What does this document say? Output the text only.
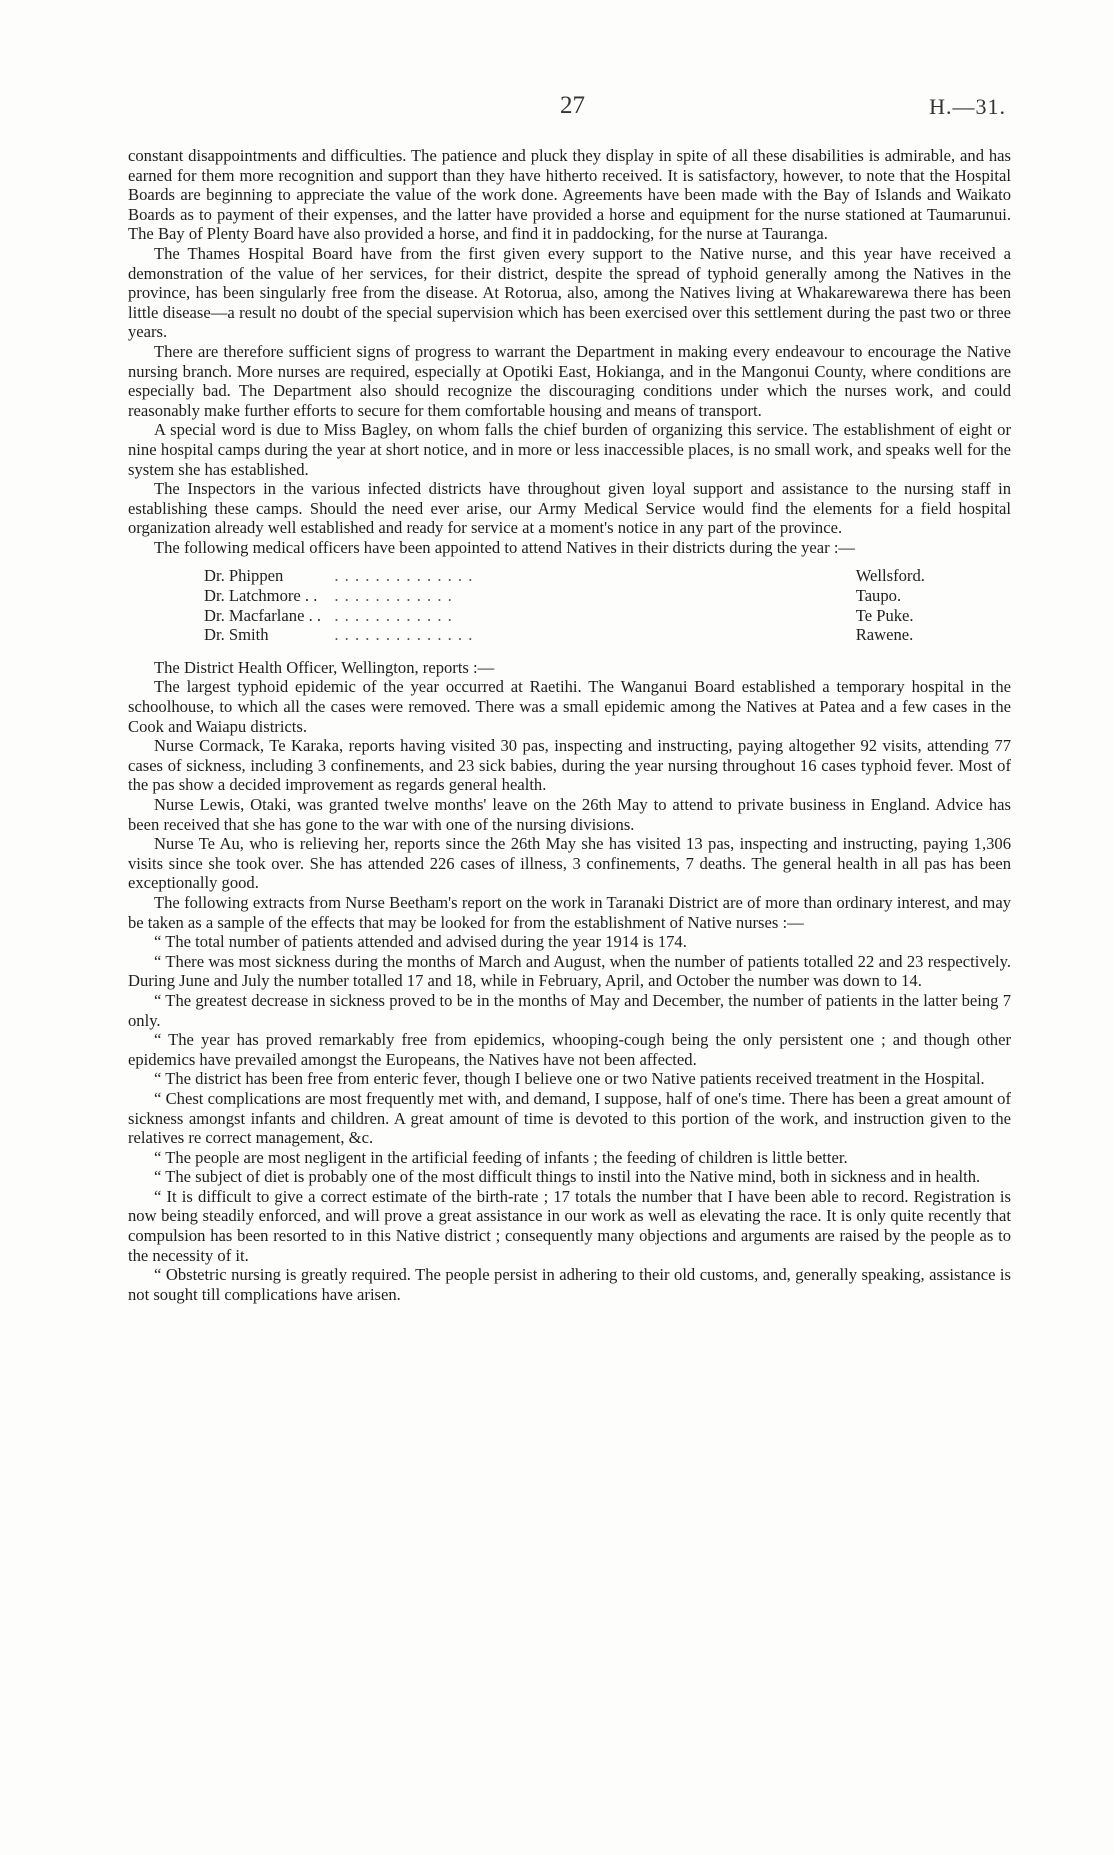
27	H.—31.

constant disappointments and difficulties. The patience and pluck they display in spite of all these disabilities is admirable, and has earned for them more recognition and support than they have hitherto received. It is satisfactory, however, to note that the Hospital Boards are beginning to appreciate the value of the work done. Agreements have been made with the Bay of Islands and Waikato Boards as to payment of their expenses, and the latter have provided a horse and equipment for the nurse stationed at Taumarunui. The Bay of Plenty Board have also provided a horse, and find it in paddocking, for the nurse at Tauranga.

The Thames Hospital Board have from the first given every support to the Native nurse, and this year have received a demonstration of the value of her services, for their district, despite the spread of typhoid generally among the Natives in the province, has been singularly free from the disease. At Rotorua, also, among the Natives living at Whakarewarewa there has been little disease—a result no doubt of the special supervision which has been exercised over this settlement during the past two or three years.

There are therefore sufficient signs of progress to warrant the Department in making every endeavour to encourage the Native nursing branch. More nurses are required, especially at Opotiki East, Hokianga, and in the Mangonui County, where conditions are especially bad. The Department also should recognize the discouraging conditions under which the nurses work, and could reasonably make further efforts to secure for them comfortable housing and means of transport.

A special word is due to Miss Bagley, on whom falls the chief burden of organizing this service. The establishment of eight or nine hospital camps during the year at short notice, and in more or less inaccessible places, is no small work, and speaks well for the system she has established.

The Inspectors in the various infected districts have throughout given loyal support and assistance to the nursing staff in establishing these camps. Should the need ever arise, our Army Medical Service would find the elements for a field hospital organization already well established and ready for service at a moment's notice in any part of the province.

The following medical officers have been appointed to attend Natives in their districts during the year :—

Dr. Phippen	. . . . . . . . . . . . . .	Wellsford.
Dr. Latchmore . .	. . . . . . . . . . . .	Taupo.
Dr. Macfarlane . .	. . . . . . . . . . . .	Te Puke.
Dr. Smith	. . . . . . . . . . . . . .	Rawene.

The District Health Officer, Wellington, reports :—

The largest typhoid epidemic of the year occurred at Raetihi. The Wanganui Board established a temporary hospital in the schoolhouse, to which all the cases were removed. There was a small epidemic among the Natives at Patea and a few cases in the Cook and Waiapu districts.

Nurse Cormack, Te Karaka, reports having visited 30 pas, inspecting and instructing, paying altogether 92 visits, attending 77 cases of sickness, including 3 confinements, and 23 sick babies, during the year nursing throughout 16 cases typhoid fever. Most of the pas show a decided improvement as regards general health.

Nurse Lewis, Otaki, was granted twelve months' leave on the 26th May to attend to private business in England. Advice has been received that she has gone to the war with one of the nursing divisions.

Nurse Te Au, who is relieving her, reports since the 26th May she has visited 13 pas, inspecting and instructing, paying 1,306 visits since she took over. She has attended 226 cases of illness, 3 confinements, 7 deaths. The general health in all pas has been exceptionally good.

The following extracts from Nurse Beetham's report on the work in Taranaki District are of more than ordinary interest, and may be taken as a sample of the effects that may be looked for from the establishment of Native nurses :—

“ The total number of patients attended and advised during the year 1914 is 174.

“ There was most sickness during the months of March and August, when the number of patients totalled 22 and 23 respectively. During June and July the number totalled 17 and 18, while in February, April, and October the number was down to 14.

“ The greatest decrease in sickness proved to be in the months of May and December, the number of patients in the latter being 7 only.

“ The year has proved remarkably free from epidemics, whooping-cough being the only persistent one ; and though other epidemics have prevailed amongst the Europeans, the Natives have not been affected.

“ The district has been free from enteric fever, though I believe one or two Native patients received treatment in the Hospital.

“ Chest complications are most frequently met with, and demand, I suppose, half of one's time. There has been a great amount of sickness amongst infants and children. A great amount of time is devoted to this portion of the work, and instruction given to the relatives re correct management, &c.

“ The people are most negligent in the artificial feeding of infants ; the feeding of children is little better.

“ The subject of diet is probably one of the most difficult things to instil into the Native mind, both in sickness and in health.

“ It is difficult to give a correct estimate of the birth-rate ; 17 totals the number that I have been able to record. Registration is now being steadily enforced, and will prove a great assistance in our work as well as elevating the race. It is only quite recently that compulsion has been resorted to in this Native district ; consequently many objections and arguments are raised by the people as to the necessity of it.

“ Obstetric nursing is greatly required. The people persist in adhering to their old customs, and, generally speaking, assistance is not sought till complications have arisen.
